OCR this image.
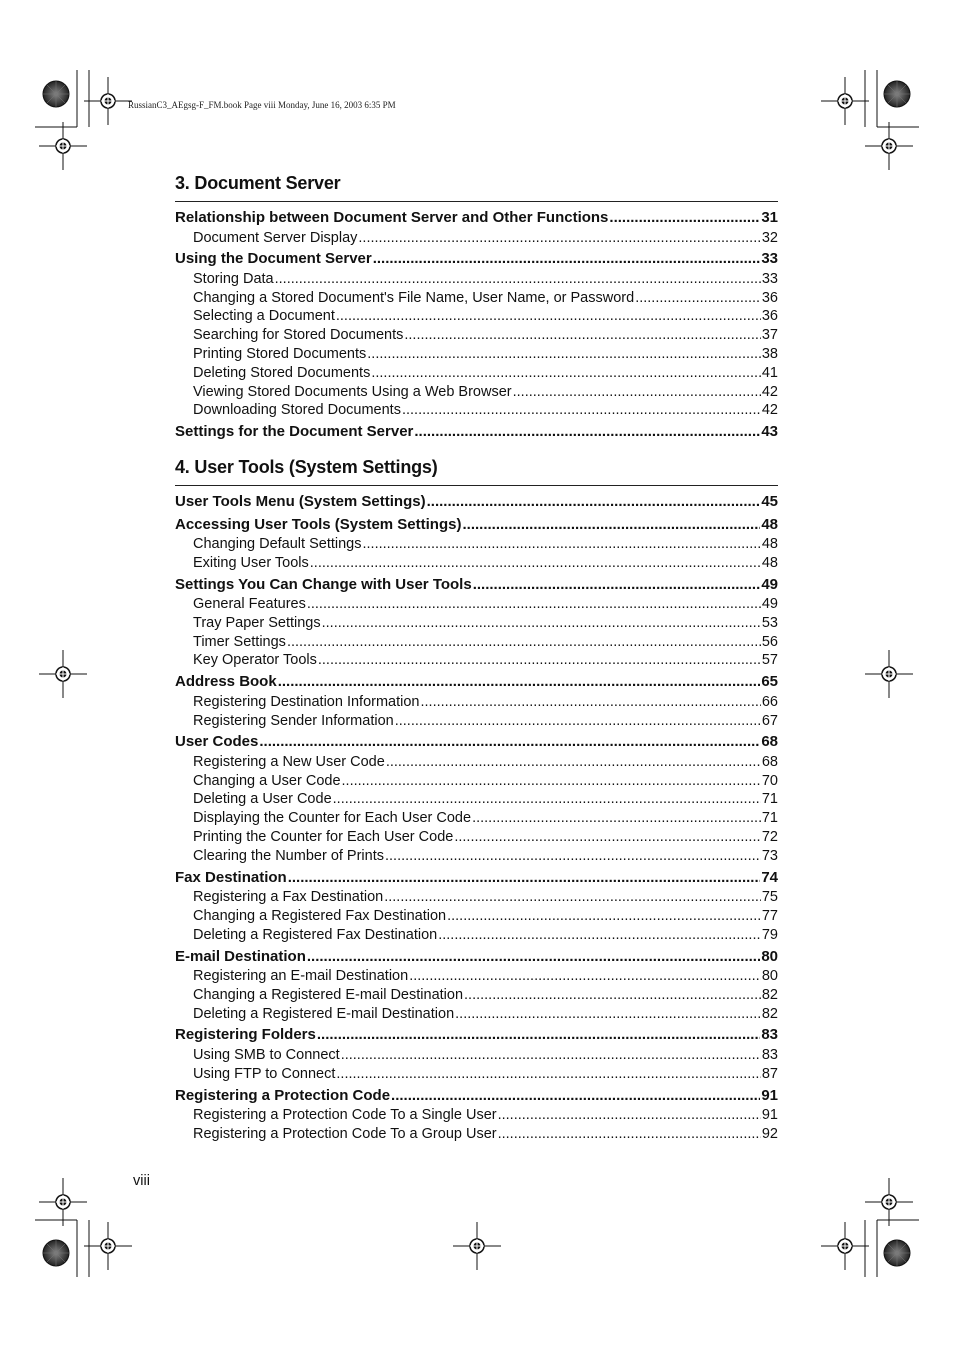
RussianC3_AEgsg-F_FM.book Page viii Monday, June 16, 2003 6:35 PM
3. Document Server
Relationship between Document Server and Other Functions .....	31
Document Server Display .....	32
Using the Document Server .....	33
Storing Data .....	33
Changing a Stored Document's File Name, User Name, or Password .....	36
Selecting a Document .....	36
Searching for Stored Documents .....	37
Printing Stored Documents .....	38
Deleting Stored Documents .....	41
Viewing Stored Documents Using a Web Browser .....	42
Downloading Stored Documents .....	42
Settings for the Document Server .....	43
4. User Tools (System Settings)
User Tools Menu (System Settings) .....	45
Accessing User Tools (System Settings) .....	48
Changing Default Settings .....	48
Exiting User Tools .....	48
Settings You Can Change with User Tools .....	49
General Features .....	49
Tray Paper Settings .....	53
Timer Settings .....	56
Key Operator Tools .....	57
Address Book .....	65
Registering Destination Information .....	66
Registering Sender Information .....	67
User Codes .....	68
Registering a New User Code .....	68
Changing a User Code .....	70
Deleting a User Code .....	71
Displaying the Counter for Each User Code .....	71
Printing the Counter for Each User Code .....	72
Clearing the Number of Prints .....	73
Fax Destination .....	74
Registering a Fax Destination .....	75
Changing a Registered Fax Destination .....	77
Deleting a Registered Fax Destination .....	79
E-mail Destination .....	80
Registering an E-mail Destination .....	80
Changing a Registered E-mail Destination .....	82
Deleting a Registered E-mail Destination .....	82
Registering Folders .....	83
Using SMB to Connect .....	83
Using FTP to Connect .....	87
Registering a Protection Code .....	91
Registering a Protection Code To a Single User .....	91
Registering a Protection Code To a Group User .....	92
viii
